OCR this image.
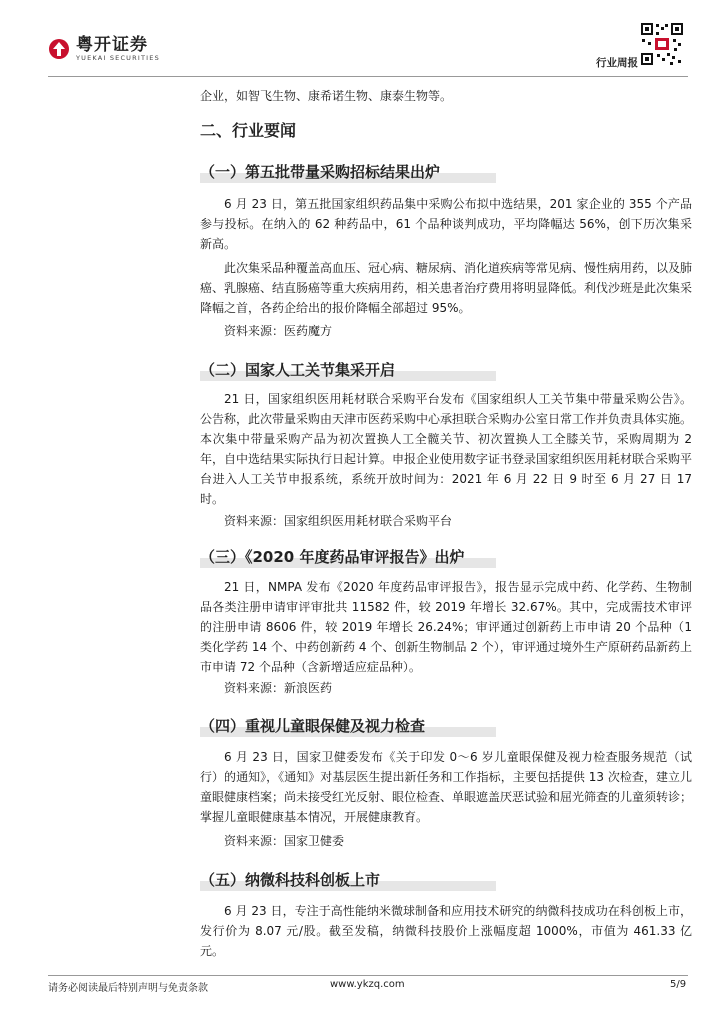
粤开证券
YUEKAI SECURITIES	行业周报

企业，如智飞生物、康希诺生物、康泰生物等。

二、行业要闻
（一）第五批带量采购招标结果出炉

6 月 23 日，第五批国家组织药品集中采购公布拟中选结果，201 家企业的 355 个产品参与投标。在纳入的 62 种药品中，61 个品种谈判成功，平均降幅达 56%，创下历次集采新高。

此次集采品种覆盖高血压、冠心病、糖尿病、消化道疾病等常见病、慢性病用药，以及肺癌、乳腺癌、结直肠癌等重大疾病用药，相关患者治疗费用将明显降低。利伐沙班是此次集采降幅之首，各药企给出的报价降幅全部超过 95%。

资料来源：医药魔方

（二）国家人工关节集采开启

21 日，国家组织医用耗材联合采购平台发布《国家组织人工关节集中带量采购公告》。公告称，此次带量采购由天津市医药采购中心承担联合采购办公室日常工作并负责具体实施。本次集中带量采购产品为初次置换人工全髋关节、初次置换人工全膝关节，采购周期为 2 年，自中选结果实际执行日起计算。申报企业使用数字证书登录国家组织医用耗材联合采购平台进入人工关节申报系统，系统开放时间为：2021 年 6 月 22 日 9 时至 6 月 27 日 17 时。

资料来源：国家组织医用耗材联合采购平台

（三）《2020 年度药品审评报告》出炉

21 日，NMPA 发布《2020 年度药品审评报告》，报告显示完成中药、化学药、生物制品各类注册申请审评审批共 11582 件，较 2019 年增长 32.67%。其中，完成需技术审评的注册申请 8606 件，较 2019 年增长 26.24%；审评通过创新药上市申请 20 个品种（1 类化学药 14 个、中药创新药 4 个、创新生物制品 2 个），审评通过境外生产原研药品新药上市申请 72 个品种（含新增适应症品种）。

资料来源：新浪医药

（四）重视儿童眼保健及视力检查

6 月 23 日，国家卫健委发布《关于印发 0～6 岁儿童眼保健及视力检查服务规范（试行）的通知》，《通知》对基层医生提出新任务和工作指标，主要包括提供 13 次检查，建立儿童眼健康档案；尚未接受红光反射、眼位检查、单眼遮盖厌恶试验和屈光筛查的儿童须转诊；掌握儿童眼健康基本情况，开展健康教育。

资料来源：国家卫健委

（五）纳微科技科创板上市

6 月 23 日，专注于高性能纳米微球制备和应用技术研究的纳微科技成功在科创板上市，发行价为 8.07 元/股。截至发稿，纳微科技股价上涨幅度超 1000%，市值为 461.33 亿元。

请务必阅读最后特别声明与免责条款	www.ykzq.com	5/9
